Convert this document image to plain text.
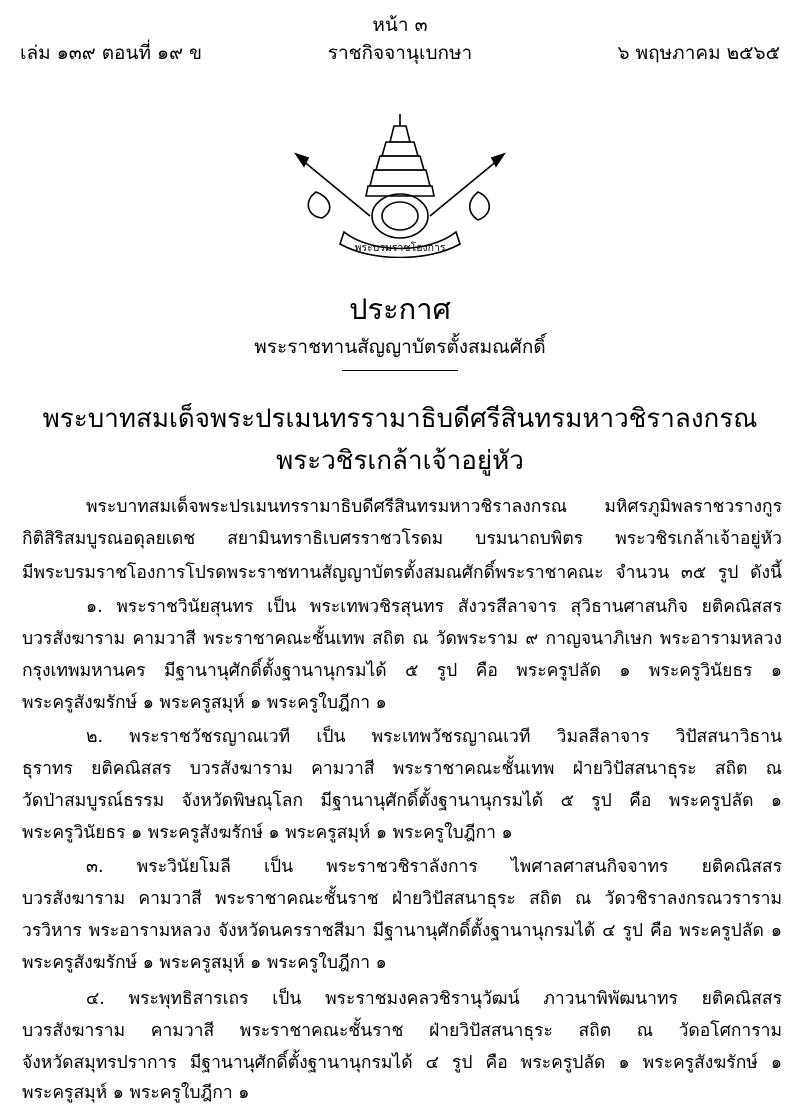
หน้า ๓
เล่ม ๑๓๙ ตอนที่ ๑๙ ข	ราชกิจจานุเบกษา	๖ พฤษภาคม ๒๕๖๕
พระบรมราชโองการ
ประกาศ
พระราชทานสัญญาบัตรตั้งสมณศักดิ์
พระบาทสมเด็จพระปรเมนทรรามาธิบดีศรีสินทรมหาวชิราลงกรณ
พระวชิรเกล้าเจ้าอยู่หัว
พระบาทสมเด็จพระปรเมนทรรามาธิบดีศรีสินทรมหาวชิราลงกรณ มหิศรภูมิพลราชวรางกูร
กิติสิริสมบูรณอดุลยเดช สยามินทราธิเบศรราชวโรดม บรมนาถบพิตร พระวชิรเกล้าเจ้าอยู่หัว
มีพระบรมราชโองการโปรดพระราชทานสัญญาบัตรตั้งสมณศักดิ์พระราชาคณะ จำนวน ๓๕ รูป ดังนี้
๑. พระราชวินัยสุนทร เป็น พระเทพวชิรสุนทร สังวรสีลาจาร สุวิธานศาสนกิจ ยติคณิสสร
บวรสังฆาราม คามวาสี พระราชาคณะชั้นเทพ สถิต ณ วัดพระราม ๙ กาญจนาภิเษก พระอารามหลวง
กรุงเทพมหานคร มีฐานานุศักดิ์ตั้งฐานานุกรมได้ ๕ รูป คือ พระครูปลัด ๑ พระครูวินัยธร ๑
พระครูสังฆรักษ์ ๑ พระครูสมุห์ ๑ พระครูใบฎีกา ๑
๒. พระราชวัชรญาณเวที เป็น พระเทพวัชรญาณเวที วิมลสีลาจาร วิปัสสนาวิธาน
ธุราทร ยติคณิสสร บวรสังฆาราม คามวาสี พระราชาคณะชั้นเทพ ฝ่ายวิปัสสนาธุระ สถิต ณ
วัดป่าสมบูรณ์ธรรม จังหวัดพิษณุโลก มีฐานานุศักดิ์ตั้งฐานานุกรมได้ ๕ รูป คือ พระครูปลัด ๑
พระครูวินัยธร ๑ พระครูสังฆรักษ์ ๑ พระครูสมุห์ ๑ พระครูใบฎีกา ๑
๓. พระวินัยโมลี เป็น พระราชวชิราลังการ ไพศาลศาสนกิจจาทร ยติคณิสสร
บวรสังฆาราม คามวาสี พระราชาคณะชั้นราช ฝ่ายวิปัสสนาธุระ สถิต ณ วัดวชิราลงกรณวราราม
วรวิหาร พระอารามหลวง จังหวัดนครราชสีมา มีฐานานุศักดิ์ตั้งฐานานุกรมได้ ๔ รูป คือ พระครูปลัด ๑
พระครูสังฆรักษ์ ๑ พระครูสมุห์ ๑ พระครูใบฎีกา ๑
๔. พระพุทธิสารเถร เป็น พระราชมงคลวชิรานุวัฒน์ ภาวนาพิพัฒนาทร ยติคณิสสร
บวรสังฆาราม คามวาสี พระราชาคณะชั้นราช ฝ่ายวิปัสสนาธุระ สถิต ณ วัดอโศการาม
จังหวัดสมุทรปราการ มีฐานานุศักดิ์ตั้งฐานานุกรมได้ ๔ รูป คือ พระครูปลัด ๑ พระครูสังฆรักษ์ ๑
พระครูสมุห์ ๑ พระครูใบฎีกา ๑
